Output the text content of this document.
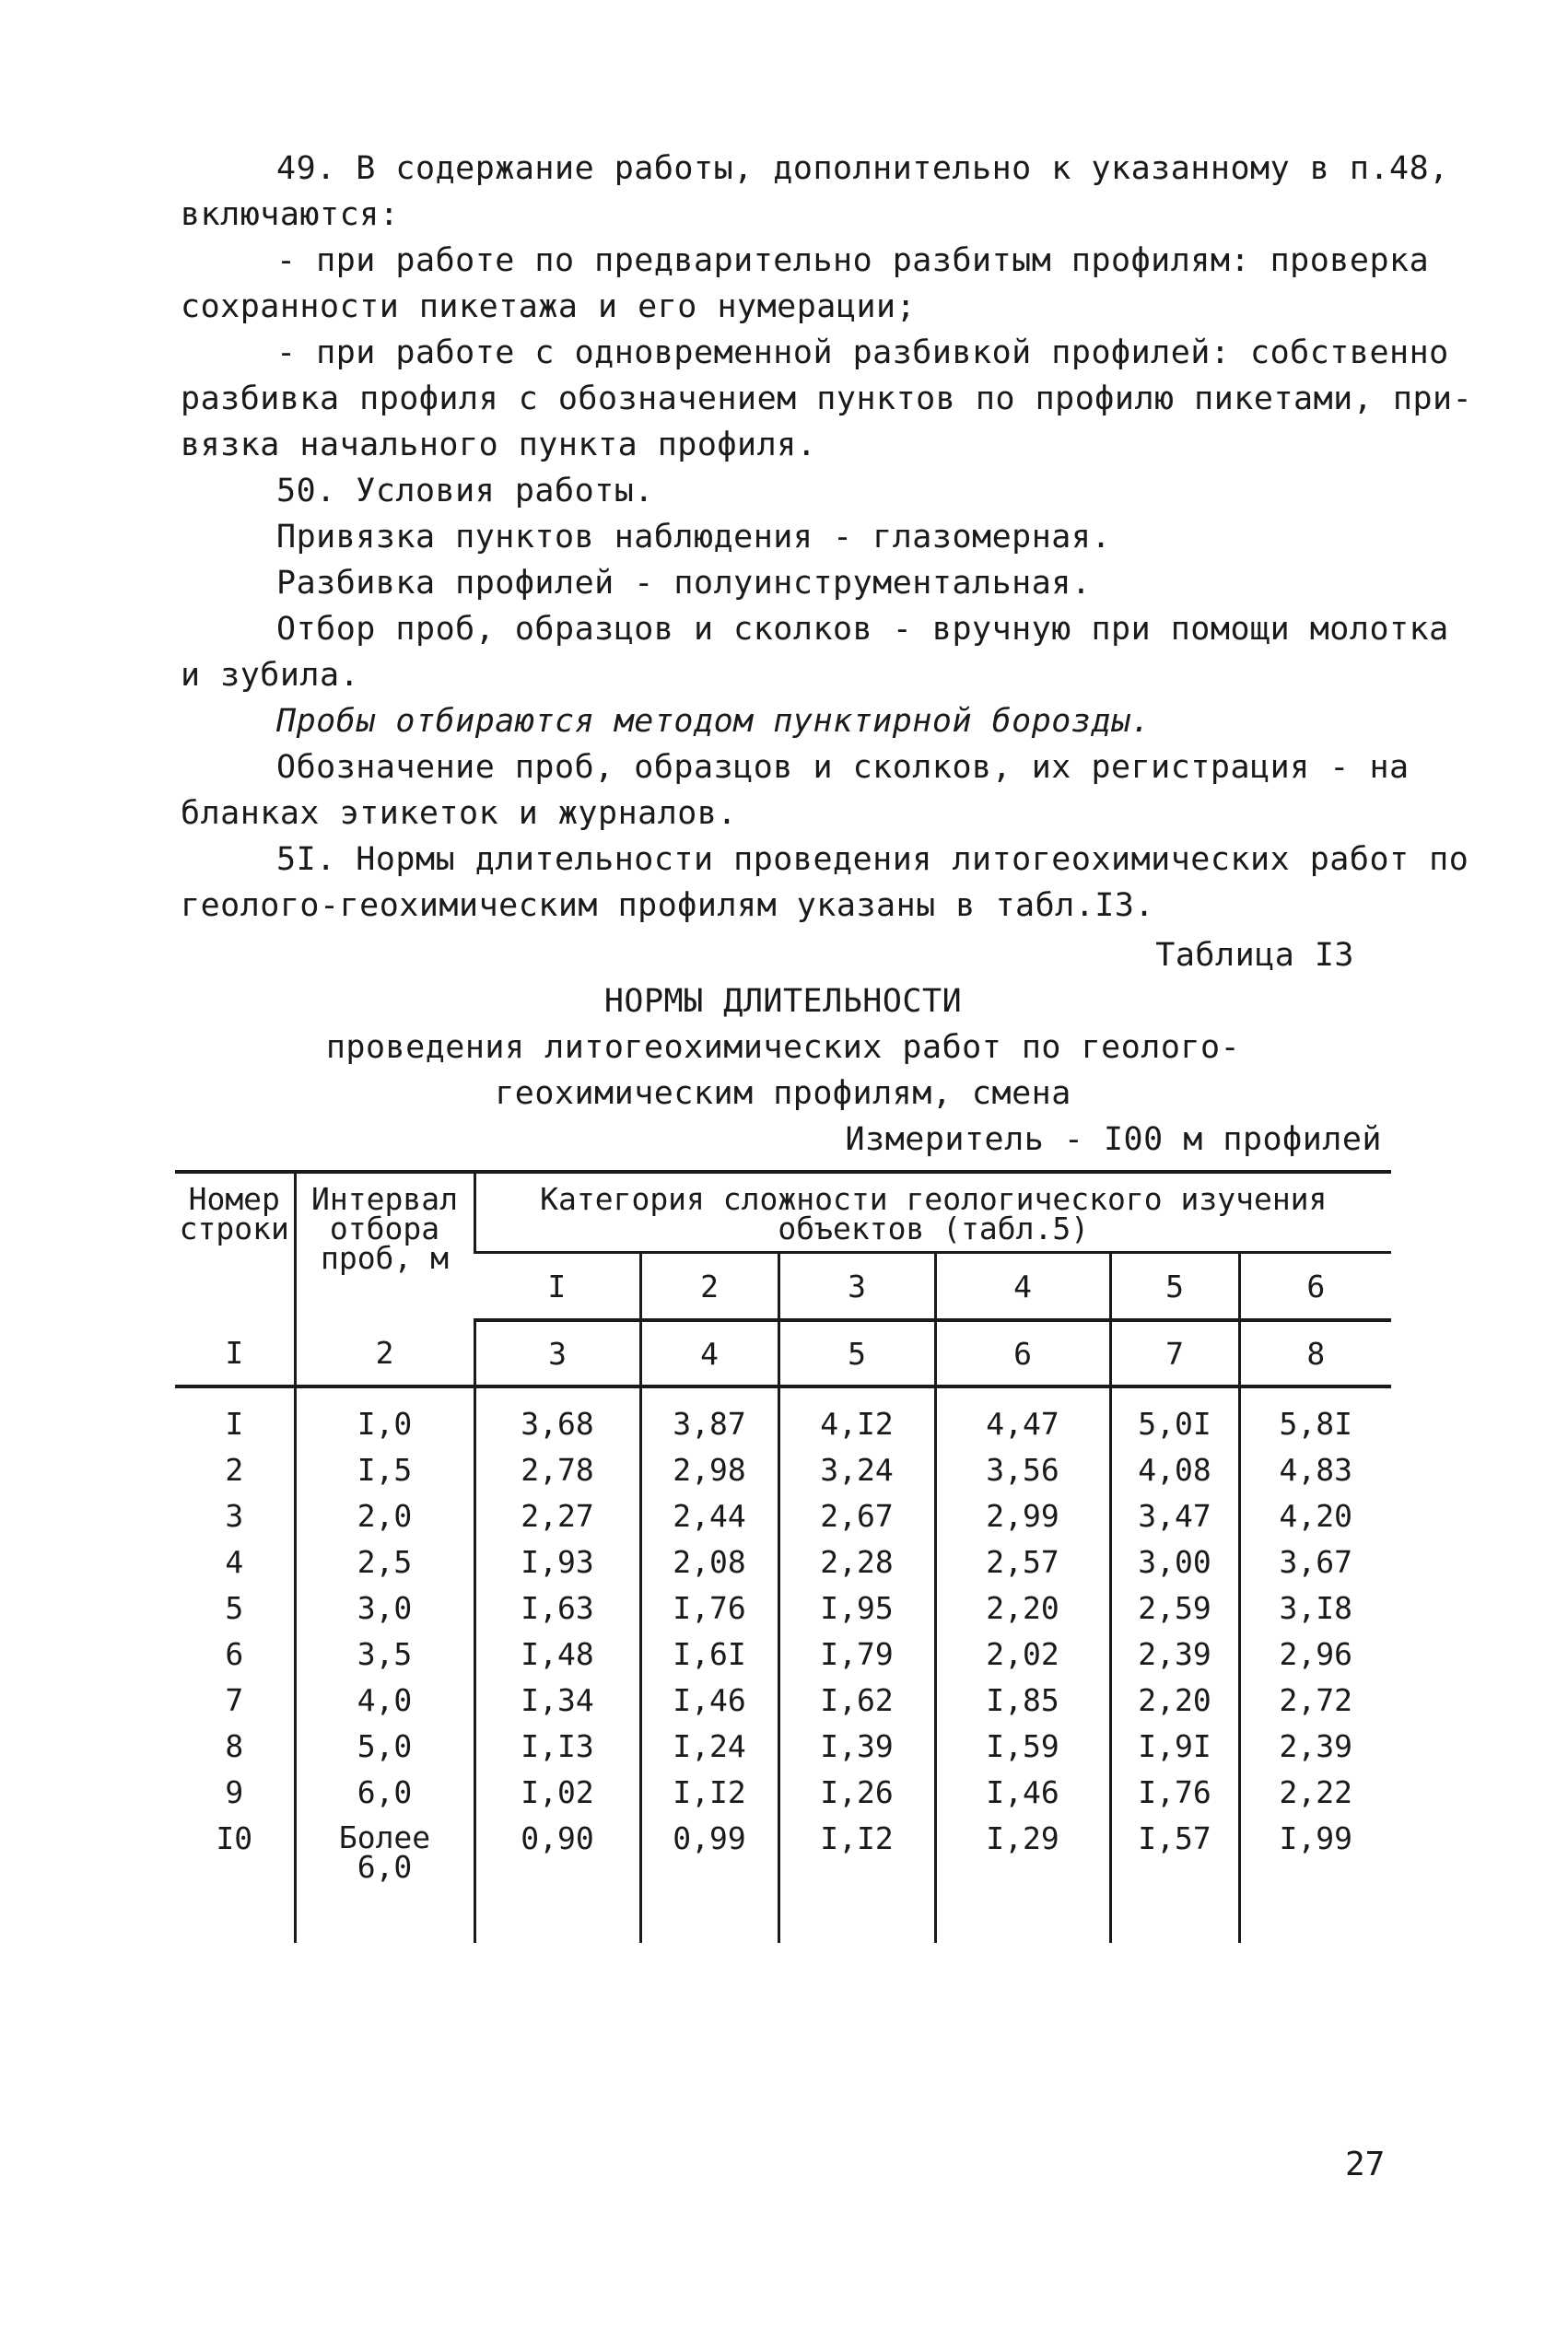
49. В содержание работы, дополнительно к указанному в п.48,
включаются:
- при работе по предварительно разбитым профилям: проверка
сохранности пикетажа и его нумерации;
- при работе с одновременной разбивкой профилей: собственно
разбивка профиля с обозначением пунктов по профилю пикетами, при-
вязка начального пункта профиля.
50. Условия работы.
Привязка пунктов наблюдения - глазомерная.
Разбивка профилей - полуинструментальная.
Отбор проб, образцов и сколков - вручную при помощи молотка
и зубила.
Пробы отбираются методом пунктирной борозды.
Обозначение проб, образцов и сколков, их регистрация - на
бланках этикеток и журналов.
5I. Нормы длительности проведения литогеохимических работ по
геолого-геохимическим профилям указаны в табл.I3.
Таблица I3
НОРМЫ ДЛИТЕЛЬНОСТИ
проведения литогеохимических работ по геолого-
геохимическим профилям, смена
Измеритель - I00 м профилей
Номер строки	Интервал отбора проб, м	Категория сложности геологического изучения объектов (табл.5)					

		I	2	3	4	5	6
I	2	3	4	5	6	7	8
I	I,0	3,68	3,87	4,I2	4,47	5,0I	5,8I
2	I,5	2,78	2,98	3,24	3,56	4,08	4,83
3	2,0	2,27	2,44	2,67	2,99	3,47	4,20
4	2,5	I,93	2,08	2,28	2,57	3,00	3,67
5	3,0	I,63	I,76	I,95	2,20	2,59	3,I8
6	3,5	I,48	I,6I	I,79	2,02	2,39	2,96
7	4,0	I,34	I,46	I,62	I,85	2,20	2,72
8	5,0	I,I3	I,24	I,39	I,59	I,9I	2,39
9	6,0	I,02	I,I2	I,26	I,46	I,76	2,22
I0	Более 6,0	0,90	0,99	I,I2	I,29	I,57	I,99
27
